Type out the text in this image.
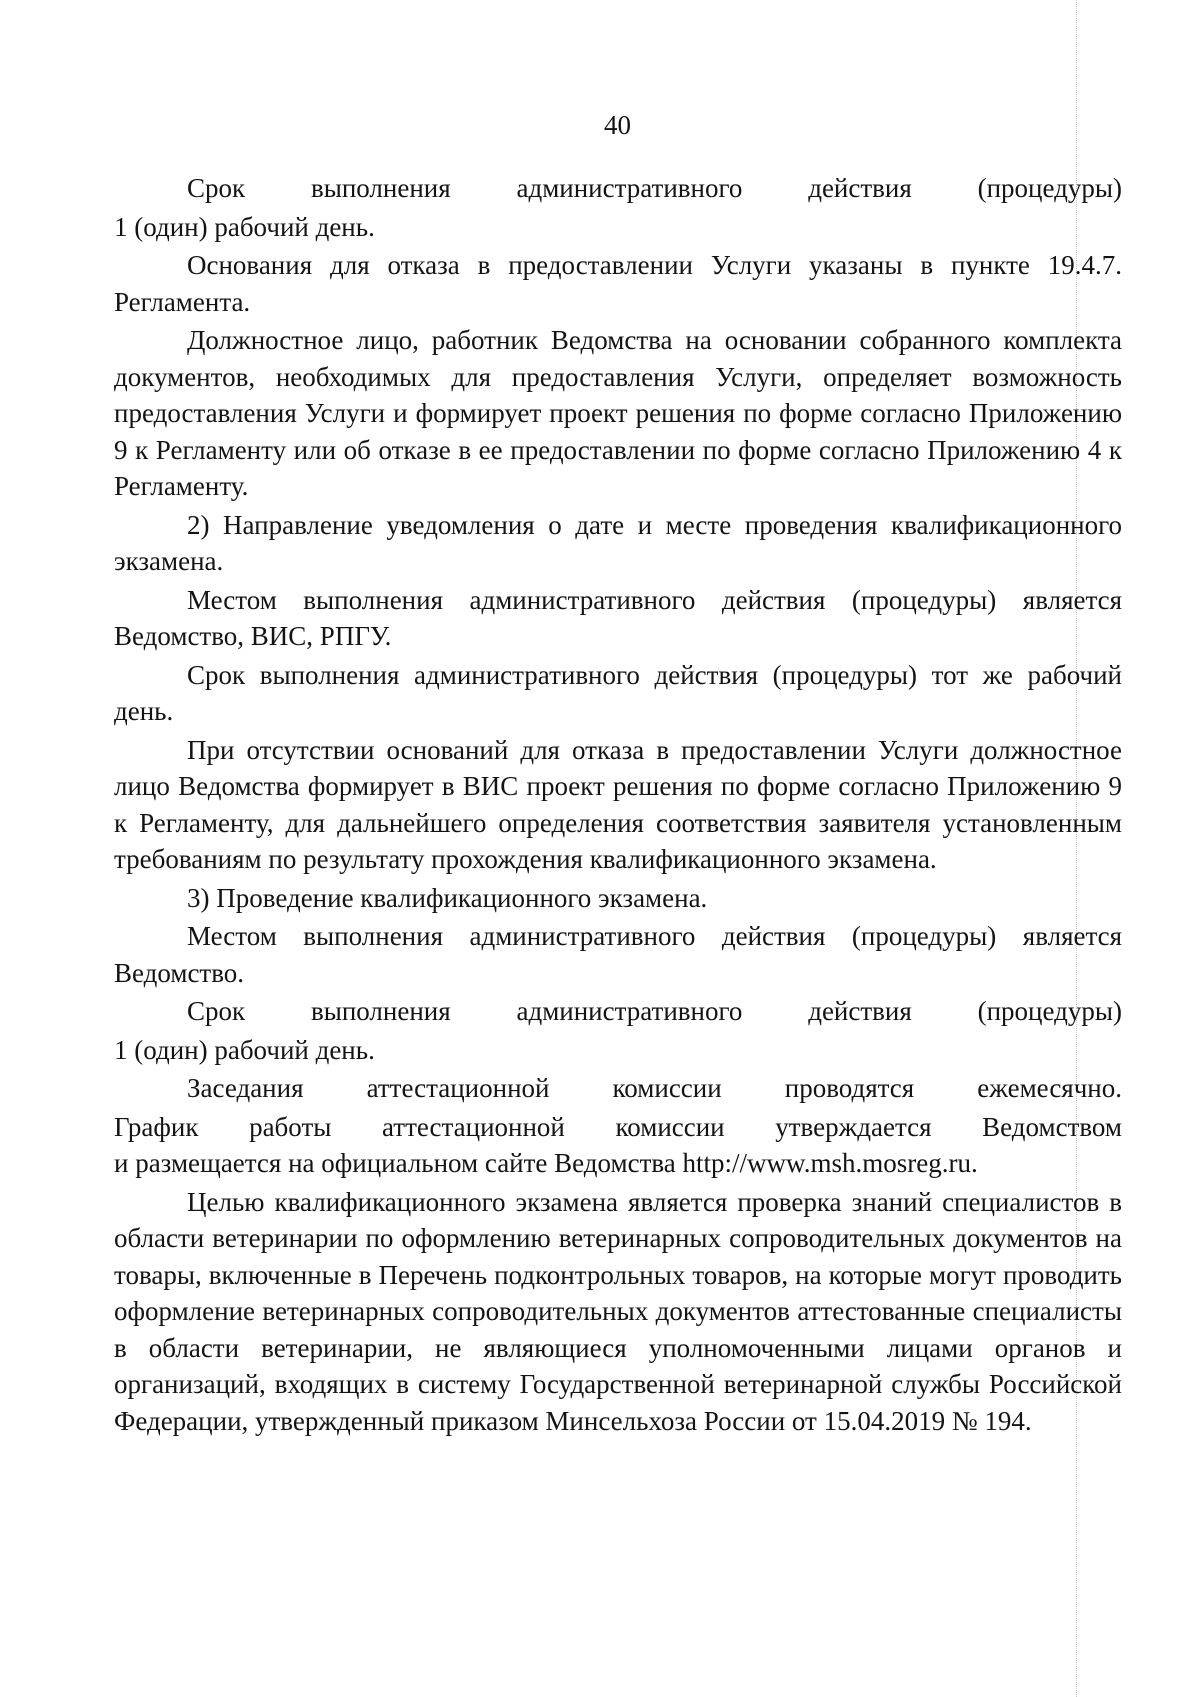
40

Срок выполнения административного действия (процедуры)

1 (один) рабочий день.

Основания для отказа в предоставлении Услуги указаны в пункте 19.4.7. Регламента.

Должностное лицо, работник Ведомства на основании собранного комплекта документов, необходимых для предоставления Услуги, определяет возможность предоставления Услуги и формирует проект решения по форме согласно Приложению 9 к Регламенту или об отказе в ее предоставлении по форме согласно Приложению 4 к Регламенту.

2) Направление уведомления о дате и месте проведения квалификационного экзамена.

Местом выполнения административного действия (процедуры) является Ведомство, ВИС, РПГУ.

Срок выполнения административного действия (процедуры) тот же рабочий день.

При отсутствии оснований для отказа в предоставлении Услуги должностное лицо Ведомства формирует в ВИС проект решения по форме согласно Приложению 9 к Регламенту, для дальнейшего определения соответствия заявителя установленным требованиям по результату прохождения квалификационного экзамена.

3) Проведение квалификационного экзамена.

Местом выполнения административного действия (процедуры) является Ведомство.

Срок выполнения административного действия (процедуры)

1 (один) рабочий день.

Заседания аттестационной комиссии проводятся ежемесячно.

График работы аттестационной комиссии утверждается Ведомством

и размещается на официальном сайте Ведомства http://www.msh.mosreg.ru.

Целью квалификационного экзамена является проверка знаний специалистов в области ветеринарии по оформлению ветеринарных сопроводительных документов на товары, включенные в Перечень подконтрольных товаров, на которые могут проводить оформление ветеринарных сопроводительных документов аттестованные специалисты в области ветеринарии, не являющиеся уполномоченными лицами органов и организаций, входящих в систему Государственной ветеринарной службы Российской Федерации, утвержденный приказом Минсельхоза России от 15.04.2019 № 194.
